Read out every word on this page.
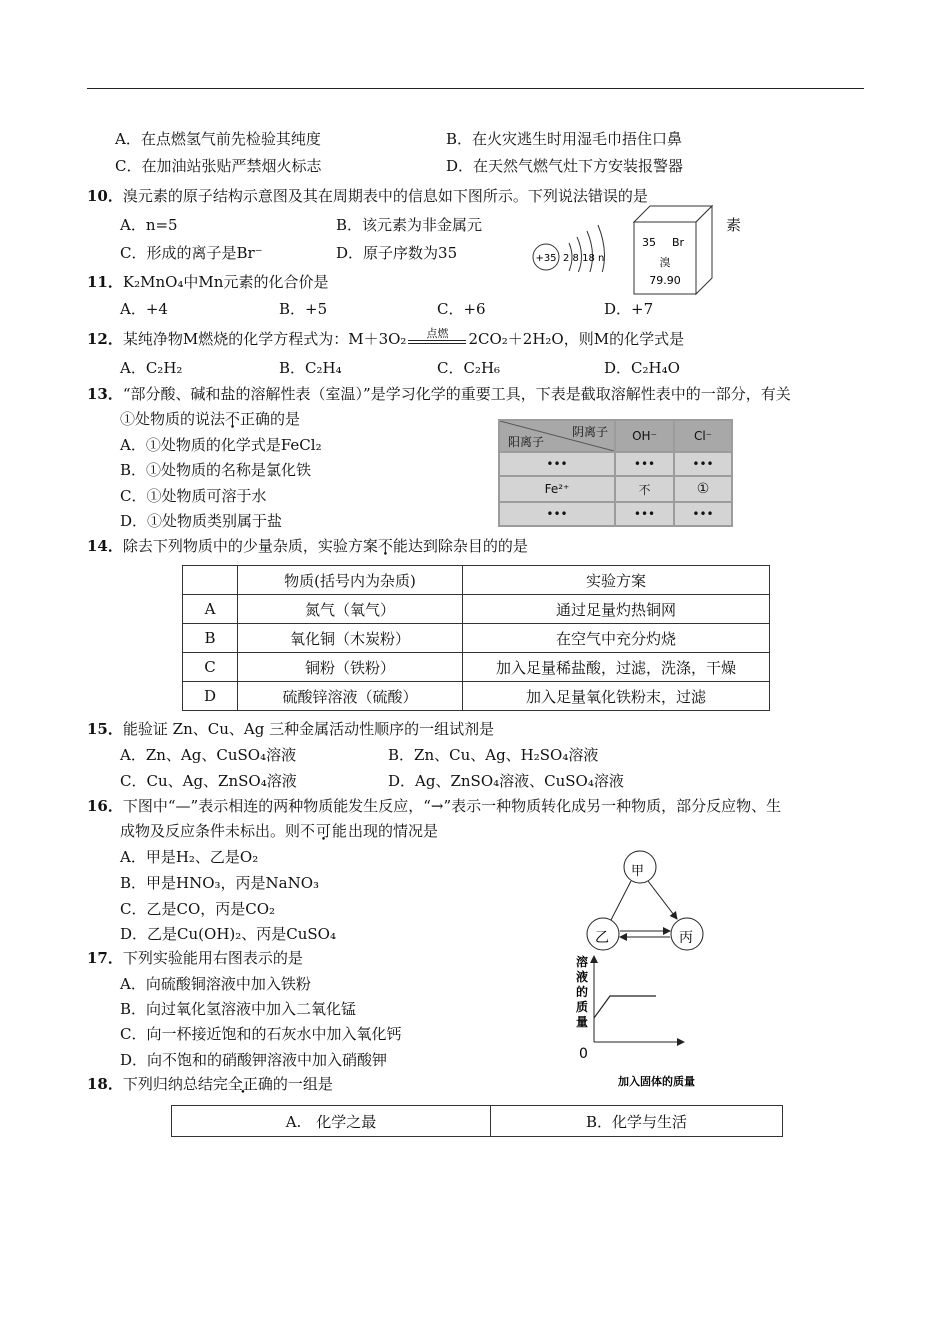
A．在点燃氢气前先检验其纯度	B．在火灾逃生时用湿毛巾捂住口鼻
C．在加油站张贴严禁烟火标志	D．在天然气燃气灶下方安装报警器
10．溴元素的原子结构示意图及其在周期表中的信息如下图所示。下列说法错误的是
A．n=5	B．该元素为非金属元	素
C．形成的离子是Br⁻	D．原子序数为35	+35 2 8 18 n
35 Br
溴
79.90
11．K₂MnO₄中Mn元素的化合价是
A．+4	B．+5	C．+6	D．+7
12．某纯净物M燃烧的化学方程式为：M＋3O₂	点燃	2CO₂＋2H₂O，则M的化学式是
A．C₂H₂	B．C₂H₄	C．C₂H₆	D．C₂H₄O
13．“部分酸、碱和盐的溶解性表（室温）”是学习化学的重要工具，下表是截取溶解性表中的一部分，有关
①处物质的说法不正确的是
A．①处物质的化学式是FeCl₂
B．①处物质的名称是氯化铁
C．①处物质可溶于水
D．①处物质类别属于盐
阴离子
阳离子	OH⁻	Cl⁻
•••	•••	•••
Fe²⁺	不	①
•••	•••	•••
14．除去下列物质中的少量杂质，实验方案不能达到除杂目的的是
	物质(括号内为杂质)	实验方案
A	氮气（氧气）	通过足量灼热铜网
B	氧化铜（木炭粉）	在空气中充分灼烧
C	铜粉（铁粉）	加入足量稀盐酸，过滤，洗涤，干燥
D	硫酸锌溶液（硫酸）	加入足量氧化铁粉末，过滤
15．能验证 Zn、Cu、Ag 三种金属活动性顺序的一组试剂是
A．Zn、Ag、CuSO₄溶液	B．Zn、Cu、Ag、H₂SO₄溶液
C．Cu、Ag、ZnSO₄溶液	D．Ag、ZnSO₄溶液、CuSO₄溶液
16．下图中“—”表示相连的两种物质能发生反应，“→”表示一种物质转化成另一种物质，部分反应物、生
成物及反应条件未标出。则不可能出现的情况是
A．甲是H₂、乙是O₂
B．甲是HNO₃，丙是NaNO₃
C．乙是CO，丙是CO₂
D．乙是Cu(OH)₂、丙是CuSO₄
甲
乙	丙
17．下列实验能用右图表示的是
A．向硫酸铜溶液中加入铁粉
B．向过氧化氢溶液中加入二氧化锰
C．向一杯接近饱和的石灰水中加入氧化钙
D．向不饱和的硝酸钾溶液中加入硝酸钾
溶
液
的
质
量
0
加入固体的质量
18．下列归纳总结完全正确的一组是
A.　化学之最	B．化学与生活
